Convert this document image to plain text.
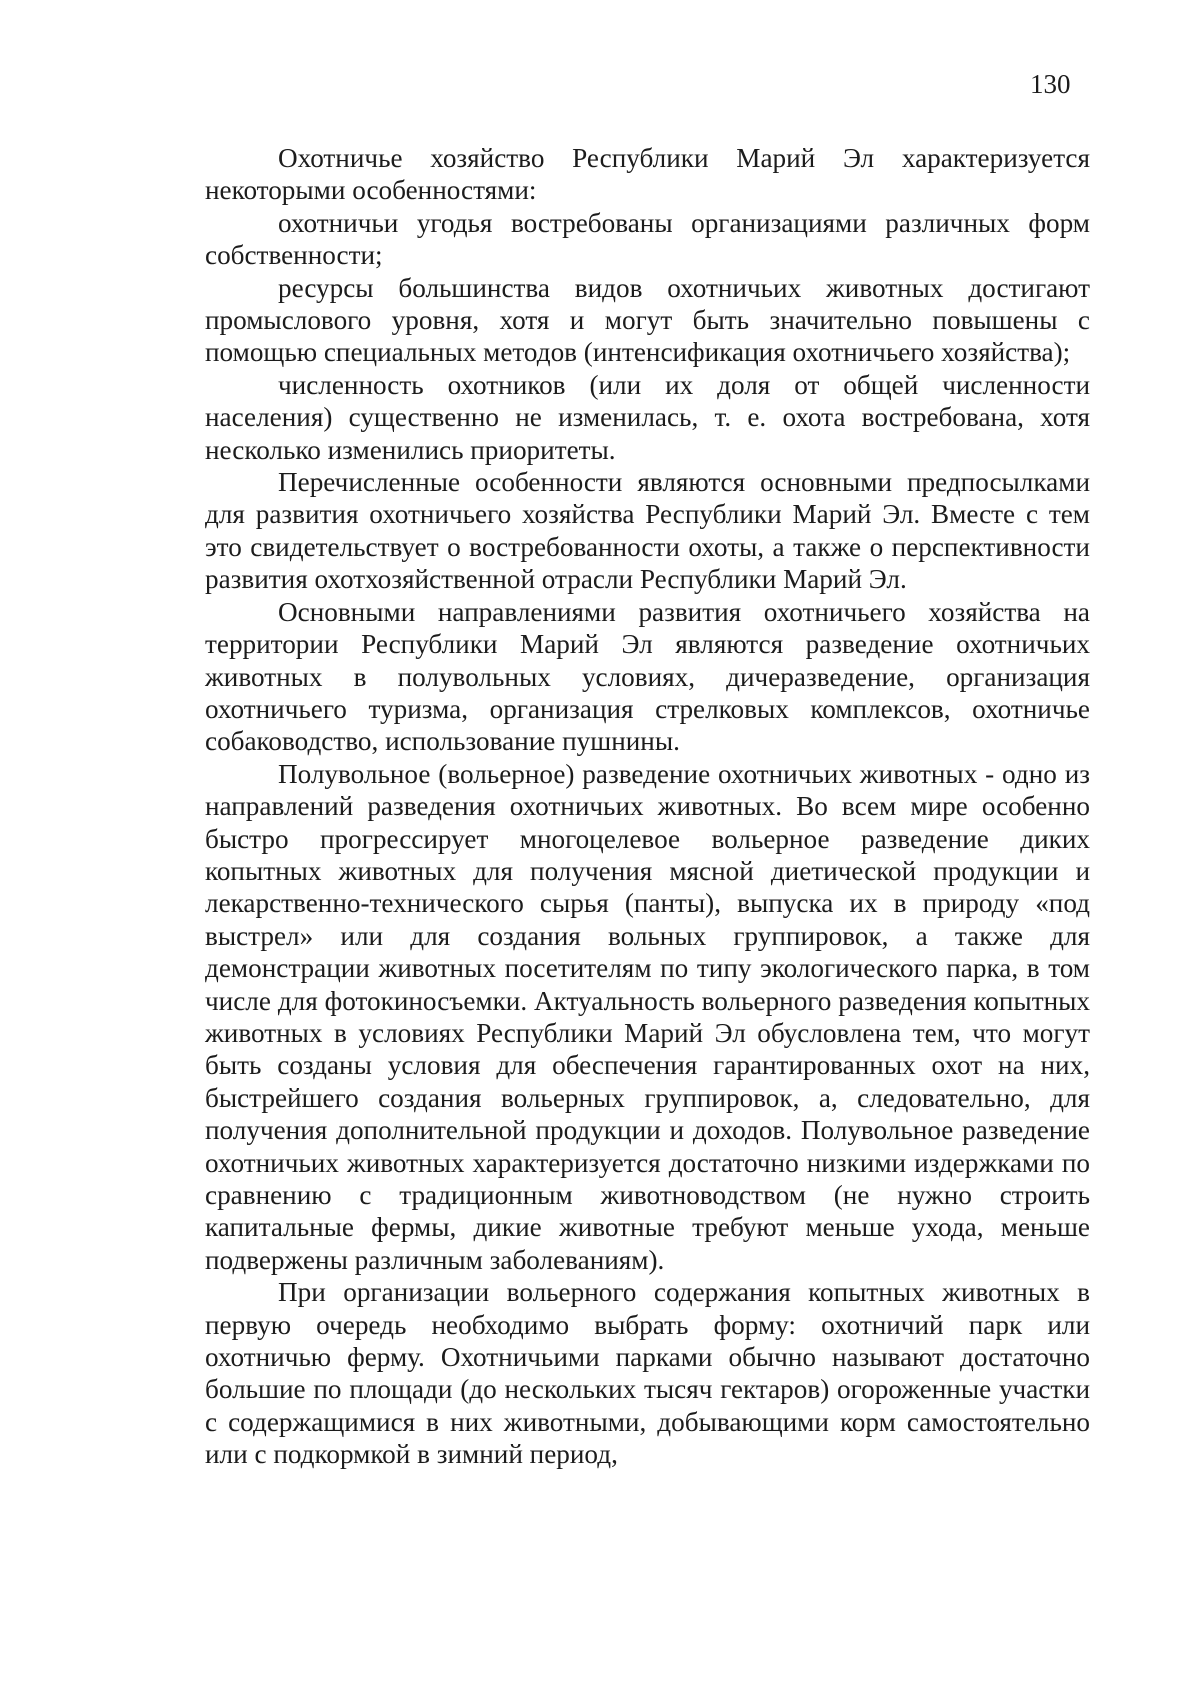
130

Охотничье хозяйство Республики Марий Эл характеризуется некоторыми особенностями:

охотничьи угодья востребованы организациями различных форм собственности;

ресурсы большинства видов охотничьих животных достигают промыслового уровня, хотя и могут быть значительно повышены с помощью специальных методов (интенсификация охотничьего хозяйства);

численность охотников (или их доля от общей численности населения) существенно не изменилась, т. е. охота востребована, хотя несколько изменились приоритеты.

Перечисленные особенности являются основными предпосылками для развития охотничьего хозяйства Республики Марий Эл. Вместе с тем это свидетельствует о востребованности охоты, а также о перспективности развития охотхозяйственной отрасли Республики Марий Эл.

Основными направлениями развития охотничьего хозяйства на территории Республики Марий Эл являются разведение охотничьих животных в полувольных условиях, дичеразведение, организация охотничьего туризма, организация стрелковых комплексов, охотничье собаководство, использование пушнины.

Полувольное (вольерное) разведение охотничьих животных - одно из направлений разведения охотничьих животных. Во всем мире особенно быстро прогрессирует многоцелевое вольерное разведение диких копытных животных для получения мясной диетической продукции и лекарственно-технического сырья (панты), выпуска их в природу «под выстрел» или для создания вольных группировок, а также для демонстрации животных посетителям по типу экологического парка, в том числе для фотокиносъемки. Актуальность вольерного разведения копытных животных в условиях Республики Марий Эл обусловлена тем, что могут быть созданы условия для обеспечения гарантированных охот на них, быстрейшего создания вольерных группировок, а, следовательно, для получения дополнительной продукции и доходов. Полувольное разведение охотничьих животных характеризуется достаточно низкими издержками по сравнению с традиционным животноводством (не нужно строить капитальные фермы, дикие животные требуют меньше ухода, меньше подвержены различным заболеваниям).

При организации вольерного содержания копытных животных в первую очередь необходимо выбрать форму: охотничий парк или охотничью ферму. Охотничьими парками обычно называют достаточно большие по площади (до нескольких тысяч гектаров) огороженные участки с содержащимися в них животными, добывающими корм самостоятельно или с подкормкой в зимний период,
